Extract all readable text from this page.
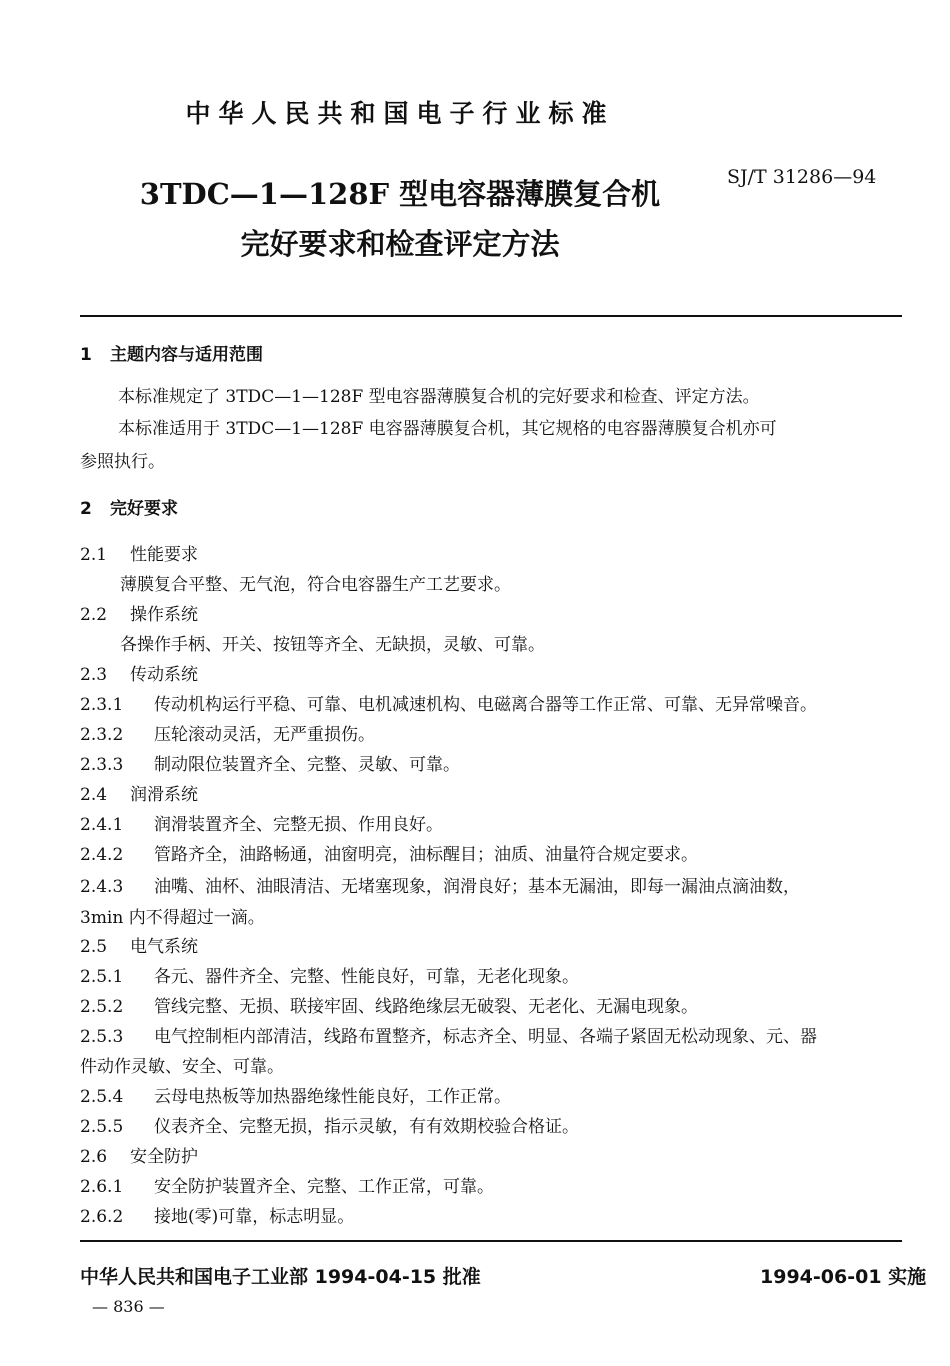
中华人民共和国电子行业标准
SJ/T 31286—94
3TDC—1—128F 型电容器薄膜复合机
完好要求和检查评定方法
1 主题内容与适用范围
本标准规定了 3TDC—1—128F 型电容器薄膜复合机的完好要求和检查、评定方法。
本标准适用于 3TDC—1—128F 电容器薄膜复合机，其它规格的电容器薄膜复合机亦可
参照执行。
2 完好要求
2.1 性能要求
薄膜复合平整、无气泡，符合电容器生产工艺要求。
2.2 操作系统
各操作手柄、开关、按钮等齐全、无缺损，灵敏、可靠。
2.3 传动系统
2.3.1 传动机构运行平稳、可靠、电机减速机构、电磁离合器等工作正常、可靠、无异常噪音。
2.3.2 压轮滚动灵活，无严重损伤。
2.3.3 制动限位装置齐全、完整、灵敏、可靠。
2.4 润滑系统
2.4.1 润滑装置齐全、完整无损、作用良好。
2.4.2 管路齐全，油路畅通，油窗明亮，油标醒目；油质、油量符合规定要求。
2.4.3 油嘴、油杯、油眼清洁、无堵塞现象，润滑良好；基本无漏油，即每一漏油点滴油数，
3min 内不得超过一滴。
2.5 电气系统
2.5.1 各元、器件齐全、完整、性能良好，可靠，无老化现象。
2.5.2 管线完整、无损、联接牢固、线路绝缘层无破裂、无老化、无漏电现象。
2.5.3 电气控制柜内部清洁，线路布置整齐，标志齐全、明显、各端子紧固无松动现象、元、器
件动作灵敏、安全、可靠。
2.5.4 云母电热板等加热器绝缘性能良好，工作正常。
2.5.5 仪表齐全、完整无损，指示灵敏，有有效期校验合格证。
2.6 安全防护
2.6.1 安全防护装置齐全、完整、工作正常，可靠。
2.6.2 接地(零)可靠，标志明显。
中华人民共和国电子工业部 1994-04-15 批准	1994-06-01 实施
— 836 —
